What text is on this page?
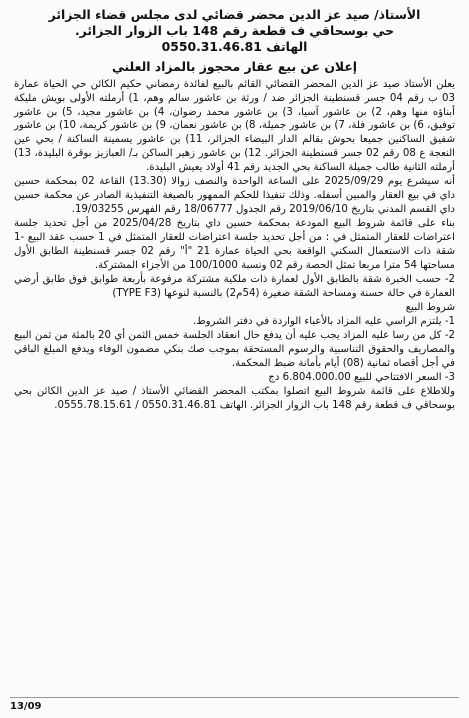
الأستاذ/ صيد عز الدين محضر قضائي لدى مجلس قضاء الجزائر
حي بوسحاقي ف قطعة رقم 148 باب الزوار الجزائر.
الهاتف 0550.31.46.81
إعلان عن بيع عقار محجوز بالمزاد العلني

يعلن الأستاذ صيد عز الدين المحضر القضائي القائم بالبيع لفائدة رمضاني حكيم الكائن حي الحياة عمارة 03 ب رقم 04 جسر قسنطينة الجزائر ضد / ورثة بن عاشور سالم وهم، 1) أرملته الأولى بويش مليكة أبناؤه منها وهم، 2) بن عاشور آسيا، 3) بن عاشور محمد رضوان، 4) بن عاشور مجيد، 5) بن عاشور توفيق، 6) بن عاشور فلة، 7) بن عاشور جميلة، 8) بن عاشور نعمان، 9) بن عاشور كريمة، 10) بن عاشور شفيق الساكنين جميعا بحوش بقالم الدار البيضاء الجزائر، 11) بن عاشور يسمينة الساكنة / بحي عين النعجة ع 08 رقم 02 جسر قسنطينة الجزائر. 12) بن عاشور زهير الساكن بـ/ العبازيز بوقرة البليدة، 13) أرملته الثانية طالب جميلة الساكنة بحي الجديد رقم 41 أولاد يعيش البليدة.

أنه سيشرع يوم 2025/09/29 على الساعة الواحدة والنصف زوالا (13.30) القاعة 02 بمحكمة حسين داي في بيع العقار والمبين أسفله. وذلك تنفيذا للحكم الممهور بالصيغة التنفيذية الصادر عن محكمة حسين داي القسم المدني بتاريخ 2019/06/10 رقم الجدول 18/06777 رقم الفهرس 19/03255.

بناء على قائمة شروط البيع المودعة بمحكمة حسين داي بتاريخ 2025/04/28 من أجل تحديد جلسة اعتراضات للعقار المتمثل في : من أجل تحديد جلسة اعتراضات للعقار المتمثل في 1 حسب عقد البيع -1 شقة ذات الاستعمال السكني الواقعة بحي الحياة عمارة 21 "أ" رقم 02 جسر قسنطينة الطابق الأول مساحتها 54 مترا مربعا تمثل الحصة رقم 02 ونسبة 100/1000 من الأجزاء المشتركة.

2- حسب الخبرة شقة بالطابق الأول لعمارة ذات ملكية مشتركة مرفوعة بأربعة طوابق فوق طابق أرضي العمارة في حالة حسنة ومساحة الشقة صغيرة (54م2) بالنسبة لنوعها (TYPE F3)

شروط البيع

1- يلتزم الراسي عليه المزاد بالأعباء الواردة في دفتر الشروط.

2- كل من رسا عليه المزاد يجب عليه أن يدفع حال انعقاد الجلسة خمس الثمن أي 20 بالمئة من ثمن البيع والمصاريف والحقوق التناسبية والرسوم المستحقة بموجب صك بنكي مضمون الوفاء ويدفع المبلغ الباقي في أجل أقصاه ثمانية (08) أيام بأمانة ضبط المحكمة.

3- السعر الافتتاحي للبيع 6.804.000.00 دج

وللاطلاع على قائمة شروط البيع اتصلوا بمكتب المحضر القضائي الأستاذ / صيد عز الدين الكائن بحي بوسحاقي ف قطعة رقم 148 باب الزوار الجزائر. الهاتف 0550.31.46.81 / 0555.78.15.61.

13/09
